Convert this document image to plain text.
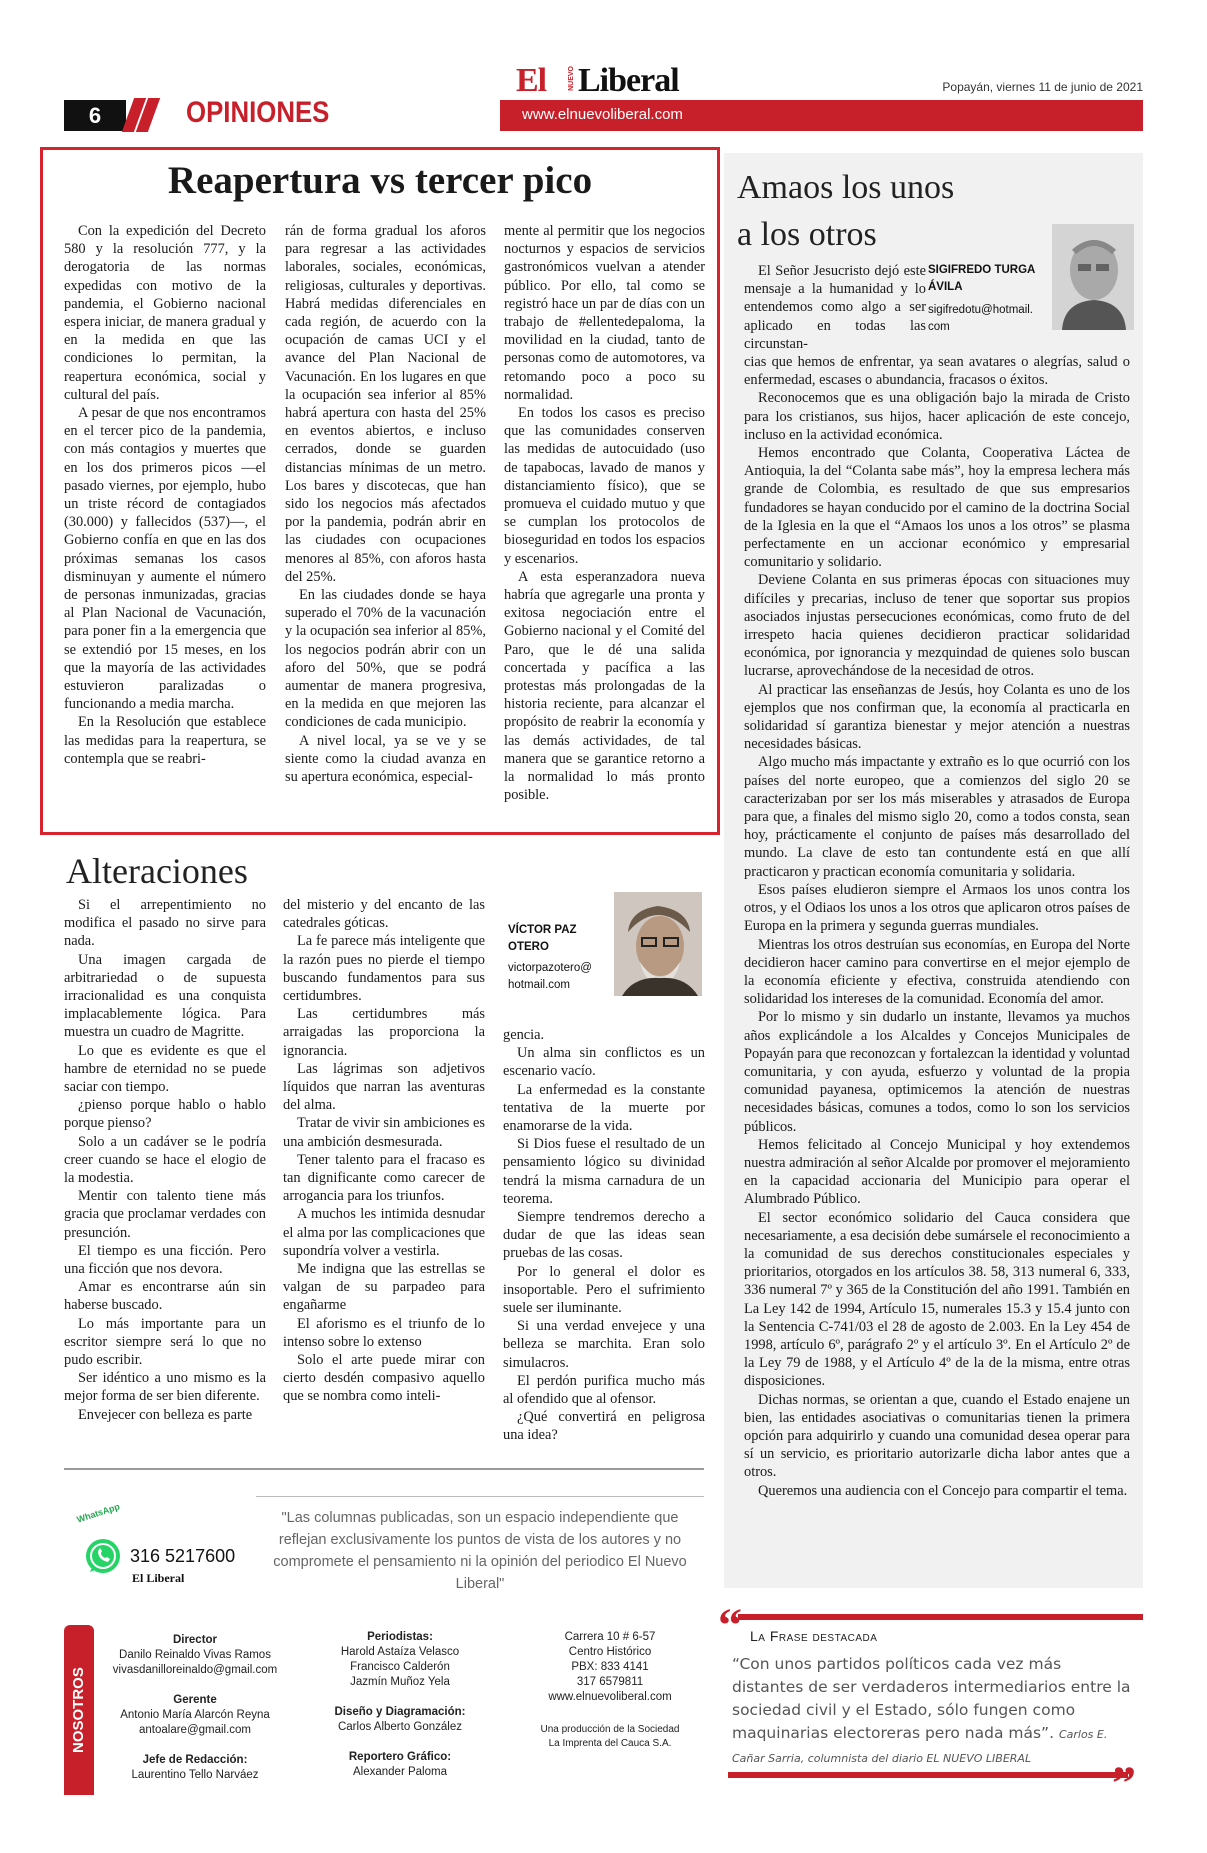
El	NUEVO Liberal	Popayán, viernes 11 de junio de 2021
www.elnuevoliberal.com
6	OPINIONES
Reapertura vs tercer pico

Con la expedición del Decreto 580 y la resolución 777, y la derogatoria de las normas expedidas con motivo de la pandemia, el Gobierno nacional espera iniciar, de manera gradual y en la medida en que las condiciones lo permitan, la reapertura económica, social y cultural del país.

A pesar de que nos encontramos en el tercer pico de la pandemia, con más contagios y muertes que en los dos primeros picos —el pasado viernes, por ejemplo, hubo un triste récord de contagiados (30.000) y fallecidos (537)—, el Gobierno confía en que en las dos próximas semanas los casos disminuyan y aumente el número de personas inmunizadas, gracias al Plan Nacional de Vacunación, para poner fin a la emergencia que se extendió por 15 meses, en los que la mayoría de las actividades estuvieron paralizadas o funcionando a media marcha.

En la Resolución que establece las medidas para la reapertura, se contempla que se reabri-

rán de forma gradual los aforos para regresar a las actividades laborales, sociales, económicas, religiosas, culturales y deportivas. Habrá medidas diferenciales en cada región, de acuerdo con la ocupación de camas UCI y el avance del Plan Nacional de Vacunación. En los lugares en que la ocupación sea inferior al 85% habrá apertura con hasta del 25% en eventos abiertos, e incluso cerrados, donde se guarden distancias mínimas de un metro. Los bares y discotecas, que han sido los negocios más afectados por la pandemia, podrán abrir en las ciudades con ocupaciones menores al 85%, con aforos hasta del 25%.

En las ciudades donde se haya superado el 70% de la vacunación y la ocupación sea inferior al 85%, los negocios podrán abrir con un aforo del 50%, que se podrá aumentar de manera progresiva, en la medida en que mejoren las condiciones de cada municipio.

A nivel local, ya se ve y se siente como la ciudad avanza en su apertura económica, especial-

mente al permitir que los negocios nocturnos y espacios de servicios gastronómicos vuelvan a atender público. Por ello, tal como se registró hace un par de días con un trabajo de #ellentedepaloma, la movilidad en la ciudad, tanto de personas como de automotores, va retomando poco a poco su normalidad.

En todos los casos es preciso que las comunidades conserven las medidas de autocuidado (uso de tapabocas, lavado de manos y distanciamiento físico), que se promueva el cuidado mutuo y que se cumplan los protocolos de bioseguridad en todos los espacios y escenarios.

A esta esperanzadora nueva habría que agregarle una pronta y exitosa negociación entre el Gobierno nacional y el Comité del Paro, que le dé una salida concertada y pacífica a las protestas más prolongadas de la historia reciente, para alcanzar el propósito de reabrir la economía y las demás actividades, de tal manera que se garantice retorno a la normalidad lo más pronto posible.

Amaos los unos
a los otros
SIGIFREDO TURGA
ÁVILA
sigifredotu@hotmail.
com

El Señor Jesucristo dejó este mensaje a la humanidad y lo entendemos como algo a ser aplicado en todas las circunstan-

cias que hemos de enfrentar, ya sean avatares o alegrías, salud o enfermedad, escases o abundancia, fracasos o éxitos.

Reconocemos que es una obligación bajo la mirada de Cristo para los cristianos, sus hijos, hacer aplicación de este concejo, incluso en la actividad económica.

Hemos encontrado que Colanta, Cooperativa Láctea de Antioquia, la del “Colanta sabe más”, hoy la empresa lechera más grande de Colombia, es resultado de que sus empresarios fundadores se hayan conducido por el camino de la doctrina Social de la Iglesia en la que el “Amaos los unos a los otros” se plasma perfectamente en un accionar económico y empresarial comunitario y solidario.

Deviene Colanta en sus primeras épocas con situaciones muy difíciles y precarias, incluso de tener que soportar sus propios asociados injustas persecuciones económicas, como fruto de del irrespeto hacia quienes decidieron practicar solidaridad económica, por ignorancia y mezquindad de quienes solo buscan lucrarse, aprovechándose de la necesidad de otros.

Al practicar las enseñanzas de Jesús, hoy Colanta es uno de los ejemplos que nos confirman que, la economía al practicarla en solidaridad sí garantiza bienestar y mejor atención a nuestras necesidades básicas.

Algo mucho más impactante y extraño es lo que ocurrió con los países del norte europeo, que a comienzos del siglo 20 se caracterizaban por ser los más miserables y atrasados de Europa para que, a finales del mismo siglo 20, como a todos consta, sean hoy, prácticamente el conjunto de países más desarrollado del mundo. La clave de esto tan contundente está en que allí practicaron y practican economía comunitaria y solidaria.

Esos países eludieron siempre el Armaos los unos contra los otros, y el Odiaos los unos a los otros que aplicaron otros países de Europa en la primera y segunda guerras mundiales.

Mientras los otros destruían sus economías, en Europa del Norte decidieron hacer camino para convertirse en el mejor ejemplo de la economía eficiente y efectiva, construida atendiendo con solidaridad los intereses de la comunidad. Economía del amor.

Por lo mismo y sin dudarlo un instante, llevamos ya muchos años explicándole a los Alcaldes y Concejos Municipales de Popayán para que reconozcan y fortalezcan la identidad y voluntad comunitaria, y con ayuda, esfuerzo y voluntad de la propia comunidad payanesa, optimicemos la atención de nuestras necesidades básicas, comunes a todos, como lo son los servicios públicos.

Hemos felicitado al Concejo Municipal y hoy extendemos nuestra admiración al señor Alcalde por promover el mejoramiento en la capacidad accionaria del Municipio para operar el Alumbrado Público.

El sector económico solidario del Cauca considera que necesariamente, a esa decisión debe sumársele el reconocimiento a la comunidad de sus derechos constitucionales especiales y prioritarios, otorgados en los artículos 38. 58, 313 numeral 6, 333, 336 numeral 7º y 365 de la Constitución del año 1991. También en La Ley 142 de 1994, Artículo 15, numerales 15.3 y 15.4 junto con la Sentencia C-741/03 el 28 de agosto de 2.003. En la Ley 454 de 1998, artículo 6º, parágrafo 2º y el artículo 3º. En el Artículo 2º de la Ley 79 de 1988, y el Artículo 4º de la de la misma, entre otras disposiciones.

Dichas normas, se orientan a que, cuando el Estado enajene un bien, las entidades asociativas o comunitarias tienen la primera opción para adquirirlo y cuando una comunidad desea operar para sí un servicio, es prioritario autorizarle dicha labor antes que a otros.

Queremos una audiencia con el Concejo para compartir el tema.

Alteraciones
VÍCTOR PAZ OTERO
victorpazotero@
hotmail.com

Si el arrepentimiento no modifica el pasado no sirve para nada.

Una imagen cargada de arbitrariedad o de supuesta irracionalidad es una conquista implacablemente lógica. Para muestra un cuadro de Magritte.

Lo que es evidente es que el hambre de eternidad no se puede saciar con tiempo.

¿pienso porque hablo o hablo porque pienso?

Solo a un cadáver se le podría creer cuando se hace el elogio de la modestia.

Mentir con talento tiene más gracia que proclamar verdades con presunción.

El tiempo es una ficción. Pero una ficción que nos devora.

Amar es encontrarse aún sin haberse buscado.

Lo más importante para un escritor siempre será lo que no pudo escribir.

Ser idéntico a uno mismo es la mejor forma de ser bien diferente.

Envejecer con belleza es parte

del misterio y del encanto de las catedrales góticas.

La fe parece más inteligente que la razón pues no pierde el tiempo buscando fundamentos para sus certidumbres.

Las certidumbres más arraigadas las proporciona la ignorancia.

Las lágrimas son adjetivos líquidos que narran las aventuras del alma.

Tratar de vivir sin ambiciones es una ambición desmesurada.

Tener talento para el fracaso es tan dignificante como carecer de arrogancia para los triunfos.

A muchos les intimida desnudar el alma por las complicaciones que supondría volver a vestirla.

Me indigna que las estrellas se valgan de su parpadeo para engañarme

El aforismo es el triunfo de lo intenso sobre lo extenso

Solo el arte puede mirar con cierto desdén compasivo aquello que se nombra como inteli-

gencia.

Un alma sin conflictos es un escenario vacío.

La enfermedad es la constante tentativa de la muerte por enamorarse de la vida.

Si Dios fuese el resultado de un pensamiento lógico su divinidad tendrá la misma carnadura de un teorema.

Siempre tendremos derecho a dudar de que las ideas sean pruebas de las cosas.

Por lo general el dolor es insoportable. Pero el sufrimiento suele ser iluminante.

Si una verdad envejece y una belleza se marchita. Eran solo simulacros.

El perdón purifica mucho más al ofendido que al ofensor.

¿Qué convertirá en peligrosa una idea?

"Las columnas publicadas, son un espacio independiente que reflejan exclusivamente los puntos de vista de los autores y no compromete el pensamiento ni la opinión del periodico El Nuevo Liberal"
WhatsApp
316 5217600
El Liberal
NOSOTROS
Director
Danilo Reinaldo Vivas Ramos
vivasdanilloreinaldo@gmail.com
Gerente
Antonio María Alarcón Reyna
antoalare@gmail.com
Jefe de Redacción:
Laurentino Tello Narváez
Periodistas:
Harold Astaíza Velasco
Francisco Calderón
Jazmín Muñoz Yela
Diseño y Diagramación:
Carlos Alberto González
Reportero Gráfico:
Alexander Paloma
Carrera 10 # 6-57
Centro Histórico
PBX: 833 4141
317 6579811
www.elnuevoliberal.com
Una producción de la Sociedad
La Imprenta del Cauca S.A.
“ La Frase destacada
“Con unos partidos políticos cada vez más distantes de ser verdaderos intermediarios entre la sociedad civil y el Estado, sólo fungen como maquinarias electoreras pero nada más”. Carlos E. Cañar Sarria, columnista del diario EL NUEVO LIBERAL	”
